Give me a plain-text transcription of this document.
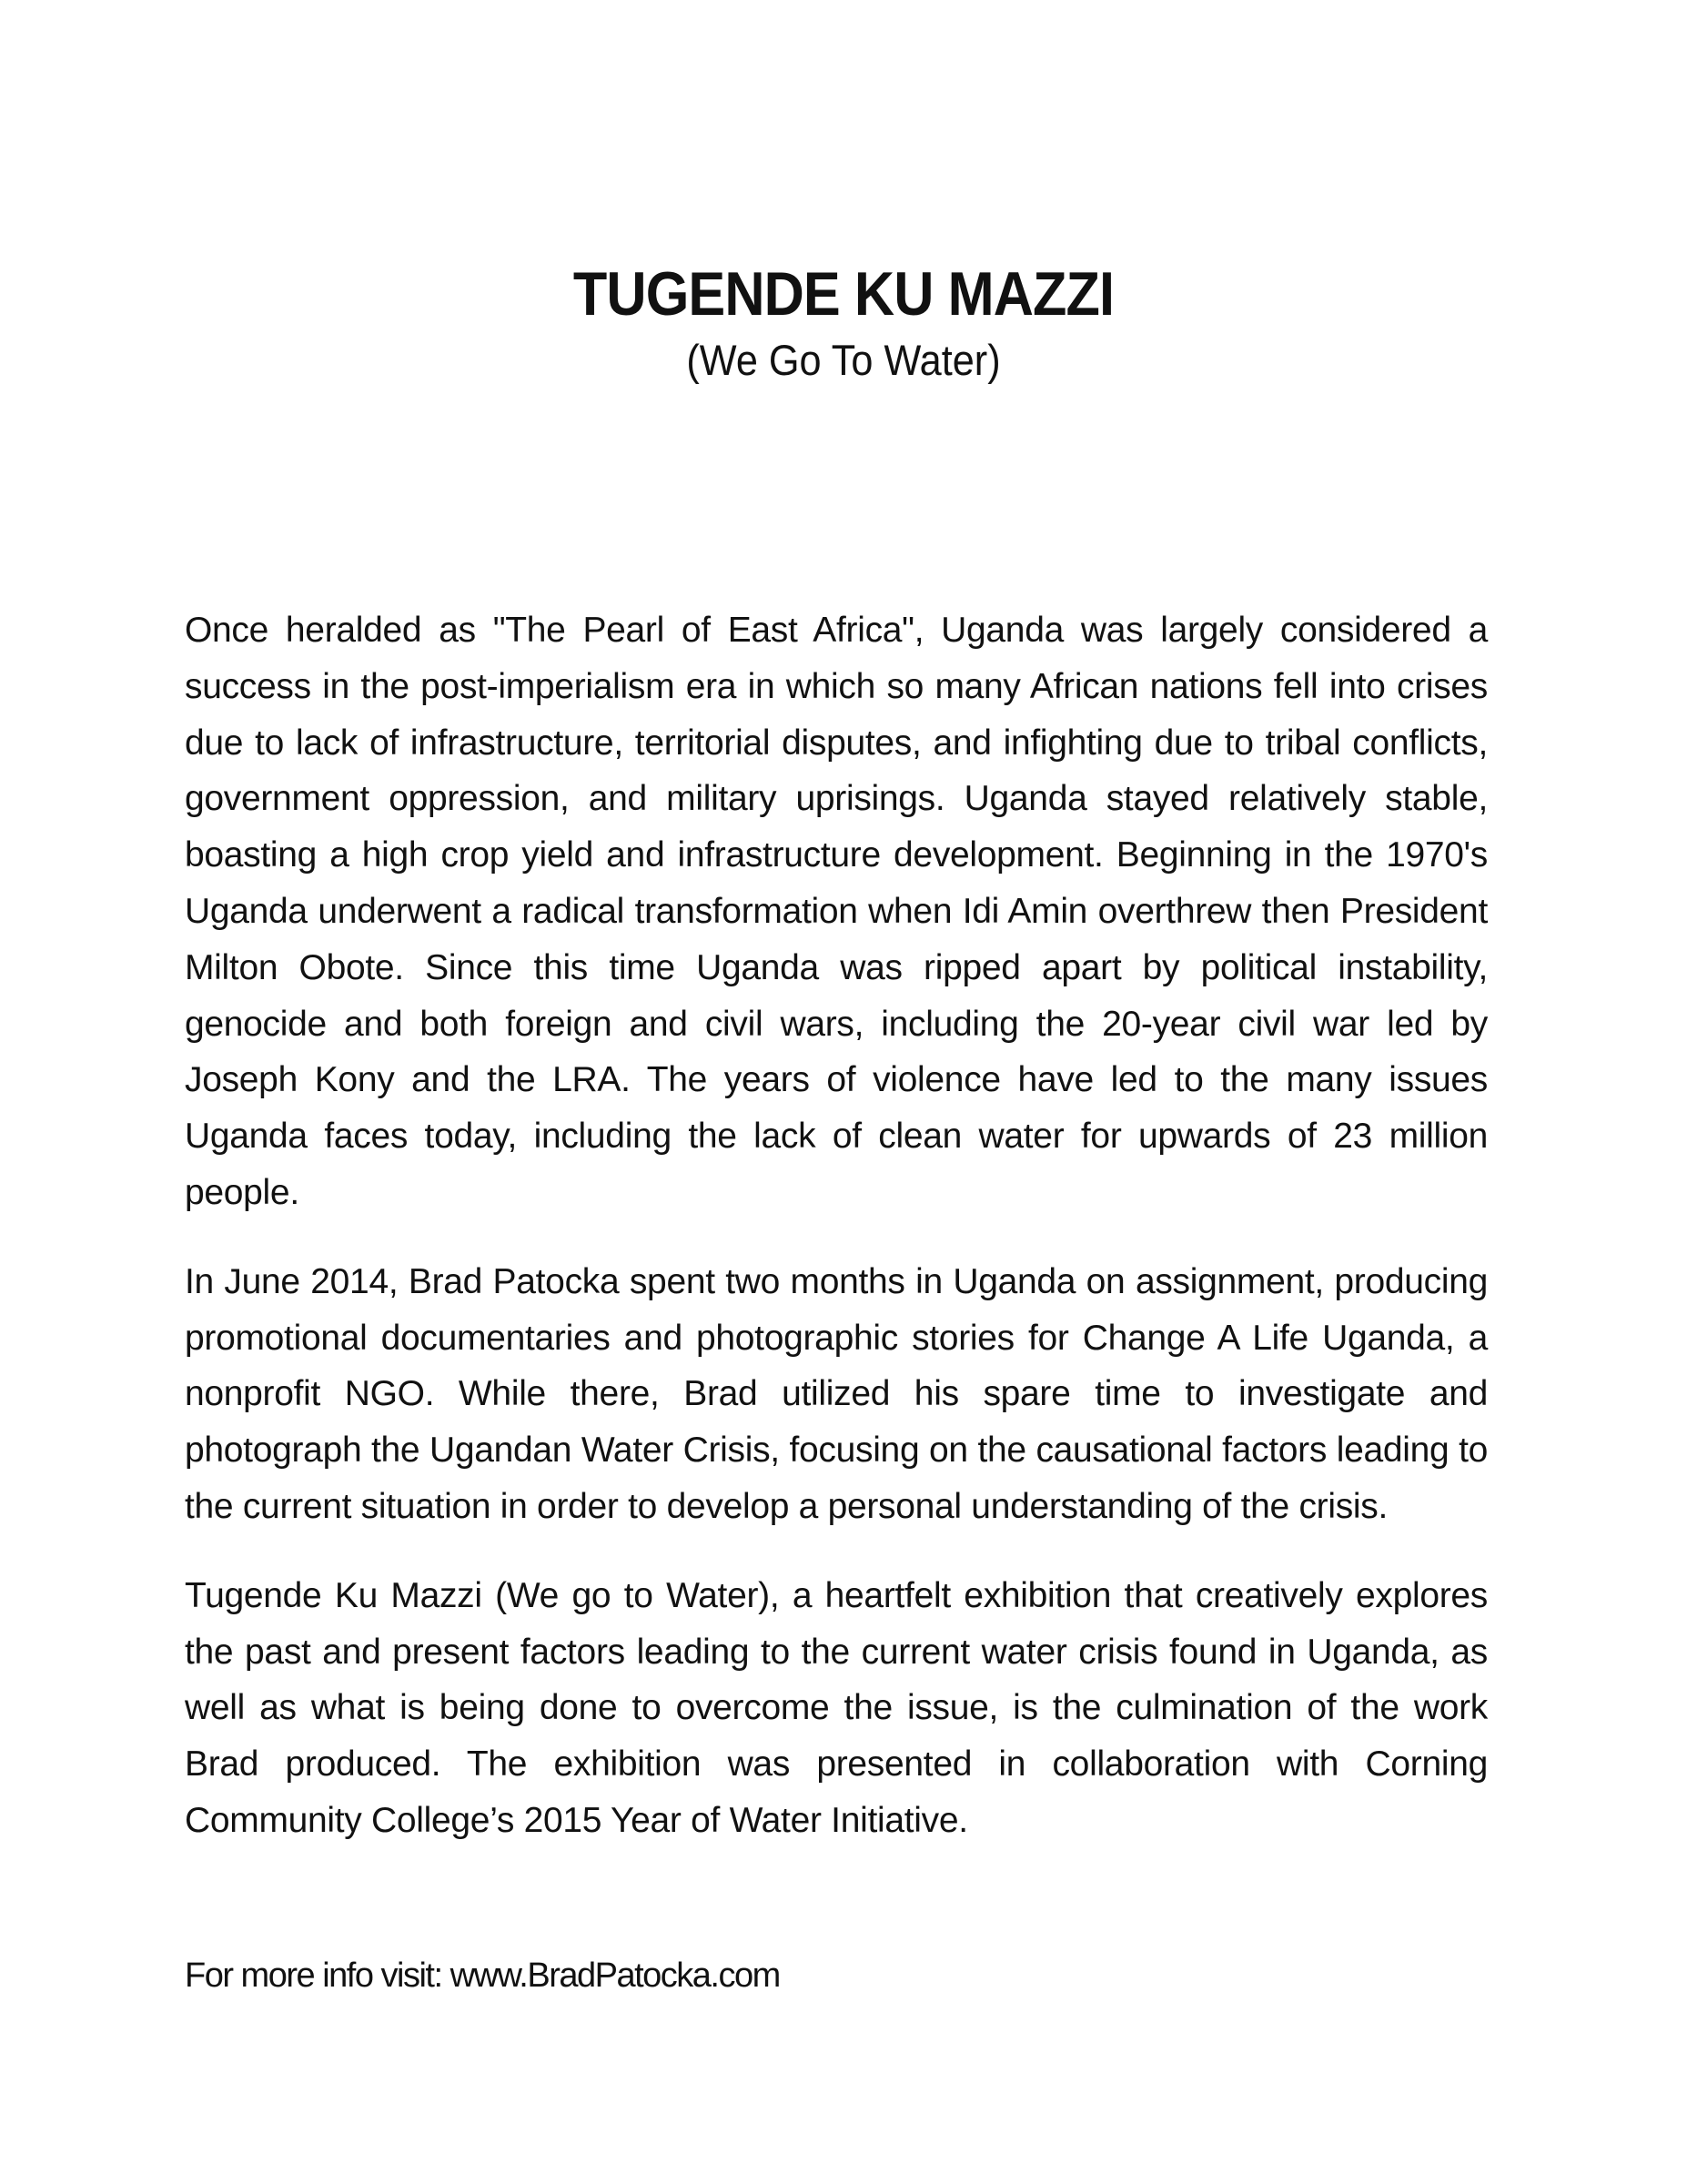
TUGENDE KU MAZZI
(We Go To Water)

Once heralded as "The Pearl of East Africa", Uganda was largely considered a success in the post-imperialism era in which so many African nations fell into crises due to lack of infrastructure, territorial disputes, and infighting due to tribal conflicts, government oppression, and military uprisings. Uganda stayed relatively stable, boasting a high crop yield and infrastructure development. Beginning in the 1970's Uganda underwent a radical transformation when Idi Amin overthrew then President Milton Obote. Since this time Uganda was ripped apart by political instability, genocide and both foreign and civil wars, including the 20-year civil war led by Joseph Kony and the LRA. The years of violence have led to the many issues Uganda faces today, including the lack of clean water for upwards of 23 million people.

In June 2014, Brad Patocka spent two months in Uganda on assignment, producing promotional documentaries and photographic stories for Change A Life Uganda, a nonprofit NGO. While there, Brad utilized his spare time to investigate and photograph the Ugandan Water Crisis, focusing on the causational factors leading to the current situation in order to develop a personal understanding of the crisis.

Tugende Ku Mazzi (We go to Water), a heartfelt exhibition that creatively explores the past and present factors leading to the current water crisis found in Uganda, as well as what is being done to overcome the issue, is the culmination of the work Brad produced. The exhibition was presented in collaboration with Corning Community College’s 2015 Year of Water Initiative.

For more info visit: www.BradPatocka.com
